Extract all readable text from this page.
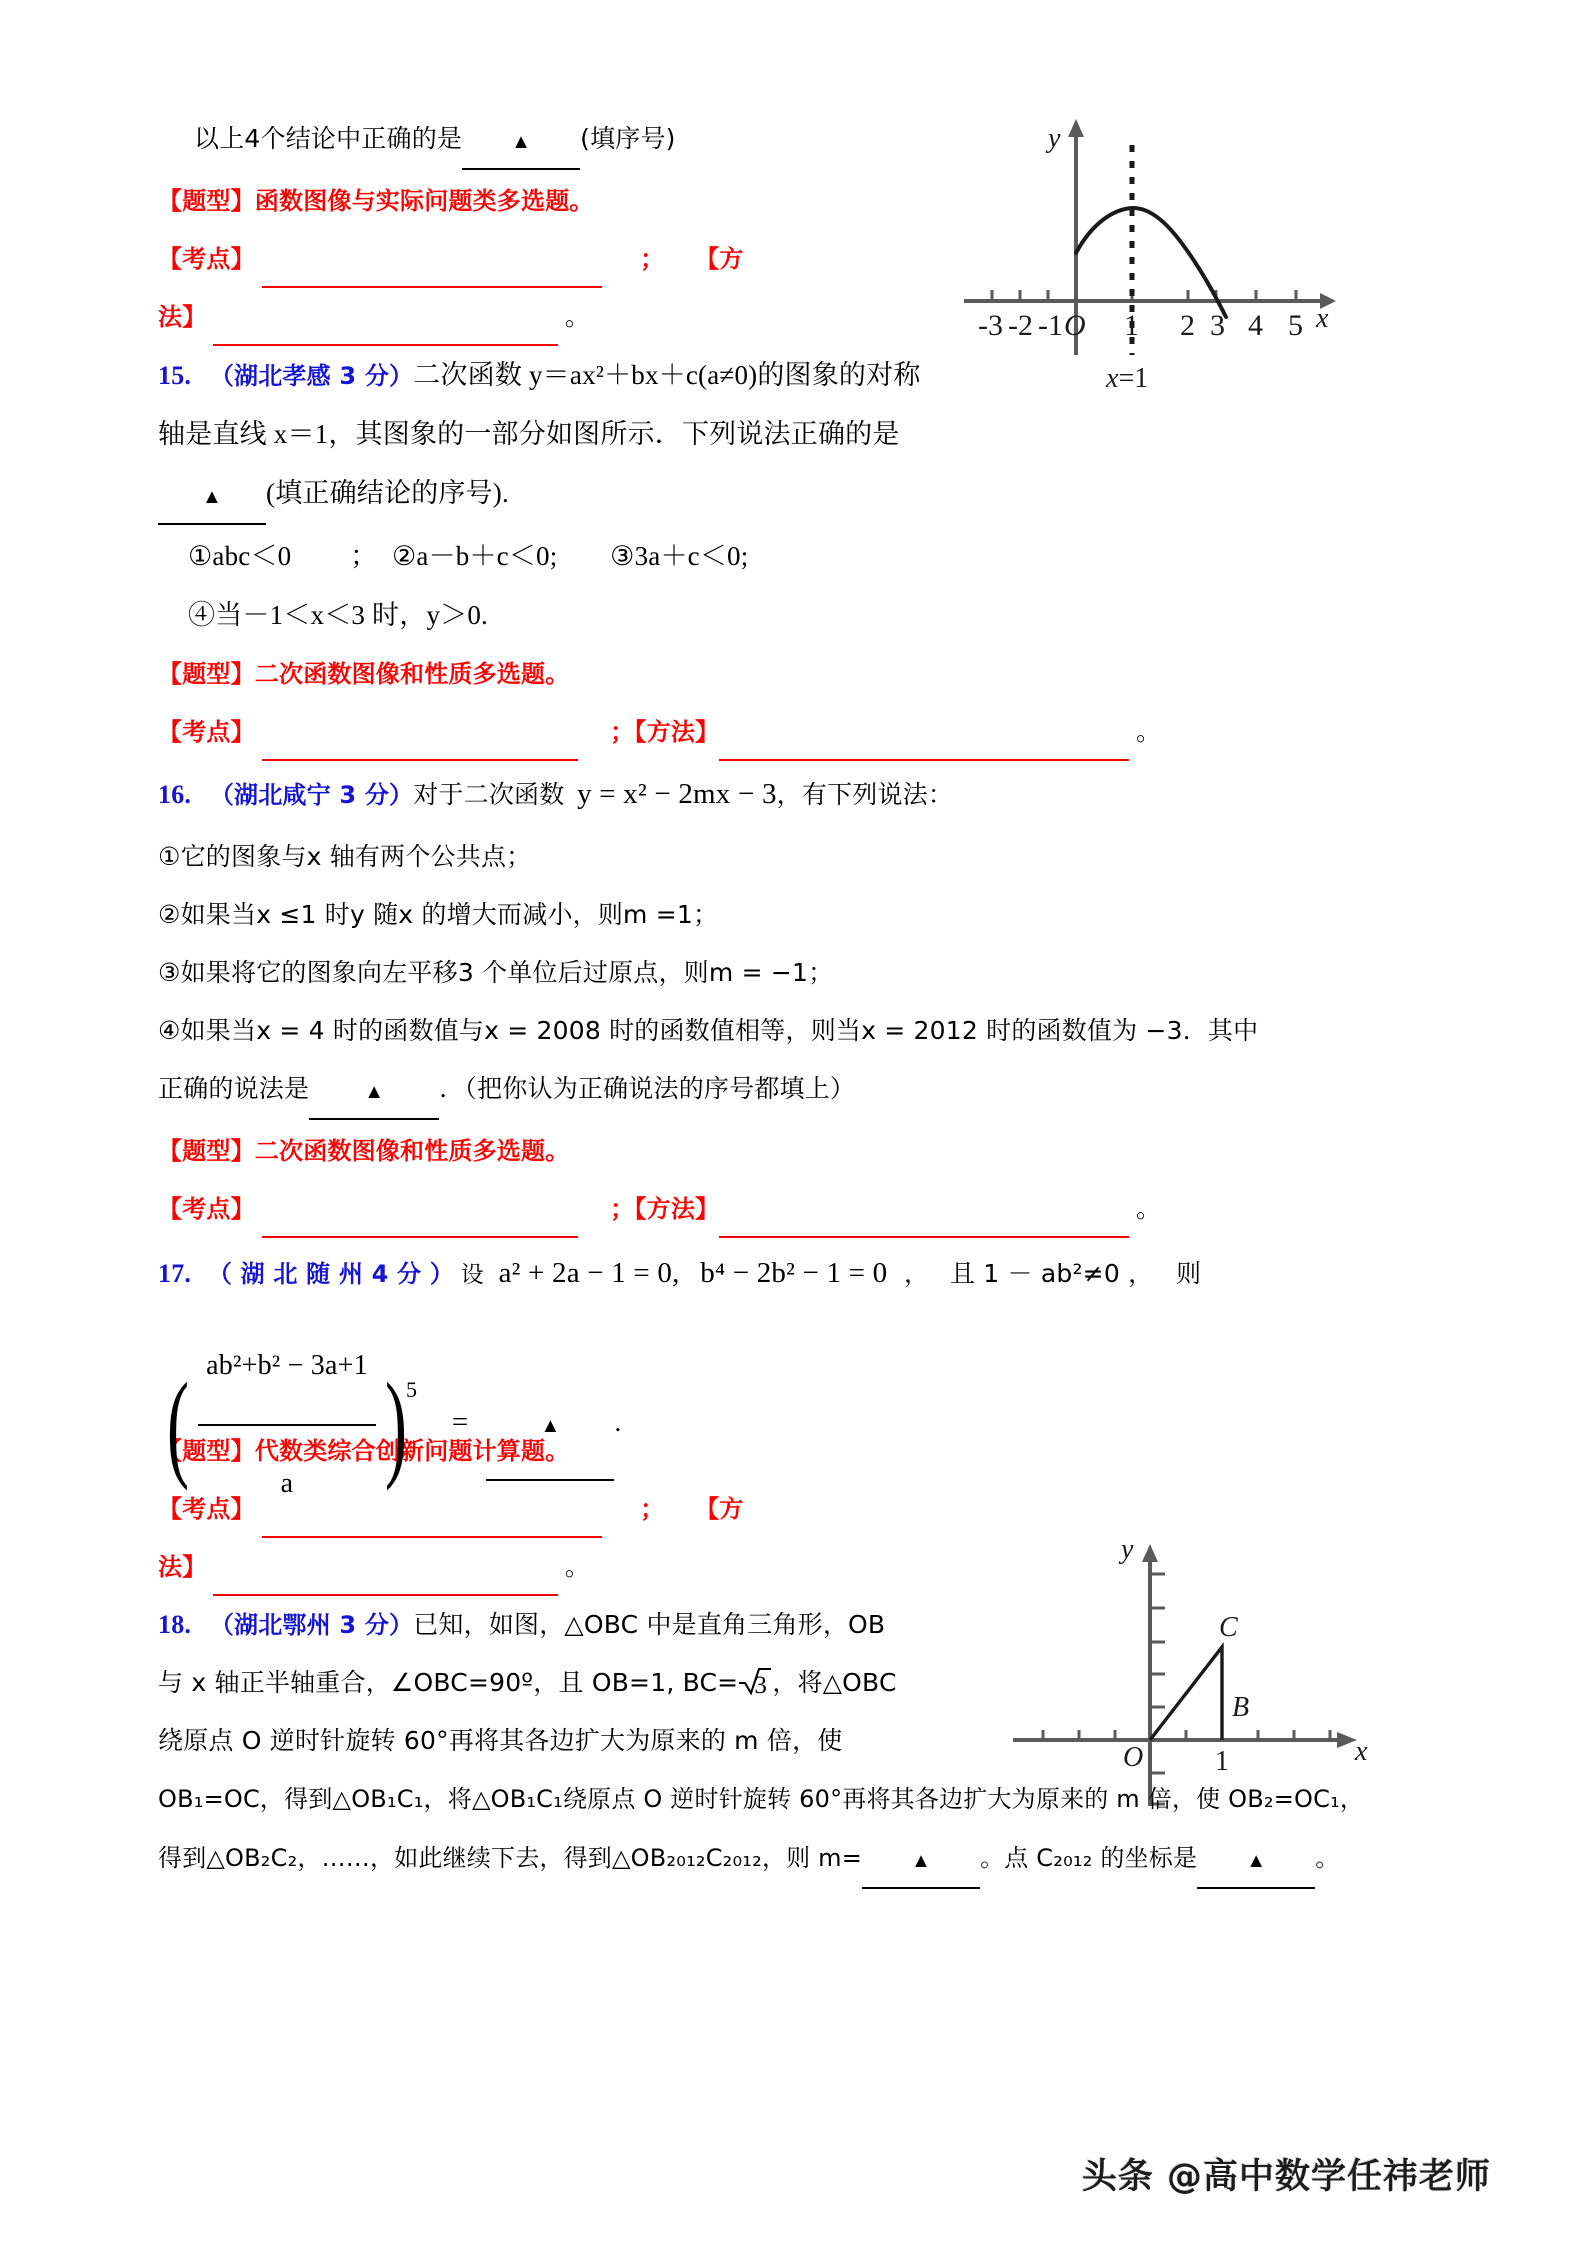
y
x
-3 -2 -1 O 1 2 3 4 5
x=1
y
x
C
B
O	1
以上4个结论中正确的是 ▲ (填序号)
【题型】函数图像与实际问题类多选题。
【考点】	； 【方
法】	。
15. （湖北孝感 3 分）二次函数 y＝ax²＋bx＋c(a≠0)的图象的对称
轴是直线 x＝1，其图象的一部分如图所示．下列说法正确的是
▲ (填正确结论的序号).
①abc＜0 ； ②a－b＋c＜0; ③3a＋c＜0;
④当－1＜x＜3 时，y＞0.
【题型】二次函数图像和性质多选题。
【考点】	；【方法】	。
16. （湖北咸宁 3 分）对于二次函数 y = x² − 2mx − 3，有下列说法：
①它的图象与x 轴有两个公共点；
②如果当x ≤1 时y 随x 的增大而减小，则m =1；
③如果将它的图象向左平移3 个单位后过原点，则m = −1；
④如果当x = 4 时的函数值与x = 2008 时的函数值相等，则当x = 2012 时的函数值为 −3．其中
正确的说法是	▲ ．（把你认为正确说法的序号都填上）
【题型】二次函数图像和性质多选题。
【考点】	；【方法】	。
17. （ 湖 北 随 州 4 分 ） 设 a² + 2a − 1 = 0, b⁴ − 2b² − 1 = 0 ， 且 1 － ab²≠0 ， 则
( $\frac{\text{ab²+b² − 3a+1}}{a} )^5$ =	▲ .
【题型】代数类综合创新问题计算题。
【考点】	； 【方
法】	。
18. （湖北鄂州 3 分）已知，如图，△OBC 中是直角三角形，OB
与 x 轴正半轴重合，∠OBC=90º，且 OB=1, BC= 3 ，将△OBC
绕原点 O 逆时针旋转 60°再将其各边扩大为原来的 m 倍，使
OB₁=OC，得到△OB₁C₁，将△OB₁C₁绕原点 O 逆时针旋转 60°再将其各边扩大为原来的 m 倍，使 OB₂=OC₁，
得到△OB₂C₂，……，如此继续下去，得到△OB₂₀₁₂C₂₀₁₂，则 m= ▲ 。点 C₂₀₁₂ 的坐标是 ▲ 。
头条 @高中数学任祎老师
